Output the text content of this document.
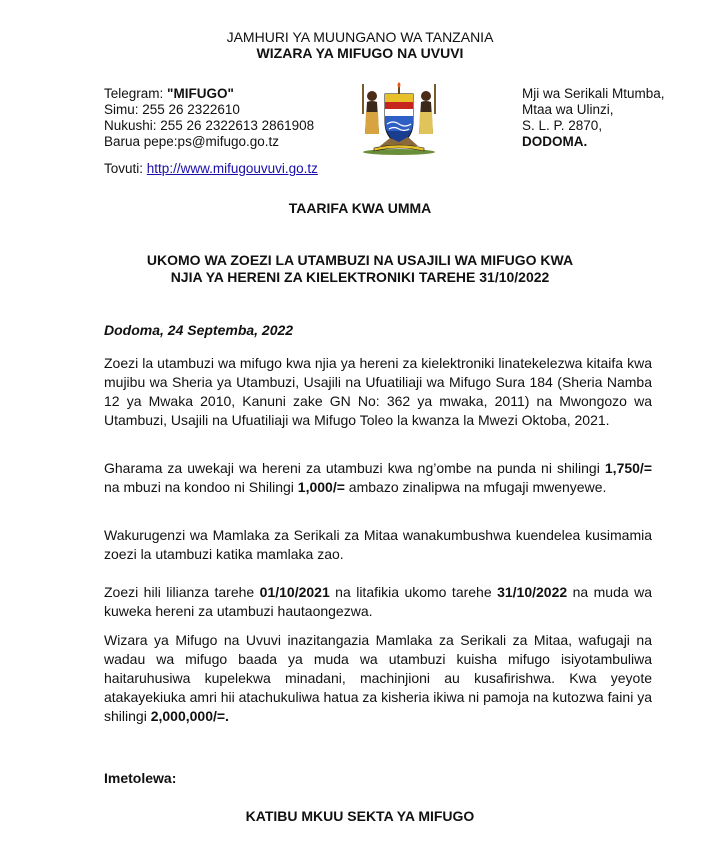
JAMHURI YA MUUNGANO WA TANZANIA
WIZARA YA MIFUGO NA UVUVI
Telegram: "MIFUGO"
Simu: 255 26 2322610
Nukushi: 255 26 2322613 2861908
Barua pepe:ps@mifugo.go.tz
Tovuti: http://www.mifugouvuvi.go.tz
Mji wa Serikali Mtumba,
Mtaa wa Ulinzi,
S. L. P. 2870,
DODOMA.
TAARIFA KWA UMMA
UKOMO WA ZOEZI LA UTAMBUZI NA USAJILI WA MIFUGO KWA
NJIA YA HERENI ZA KIELEKTRONIKI TAREHE 31/10/2022
Dodoma, 24 Septemba, 2022

Zoezi la utambuzi wa mifugo kwa njia ya hereni za kielektroniki linatekelezwa kitaifa kwa mujibu wa Sheria ya Utambuzi, Usajili na Ufuatiliaji wa Mifugo Sura 184 (Sheria Namba 12 ya Mwaka 2010, Kanuni zake GN No: 362 ya mwaka, 2011) na Mwongozo wa Utambuzi, Usajili na Ufuatiliaji wa Mifugo Toleo la kwanza la Mwezi Oktoba, 2021.

Gharama za uwekaji wa hereni za utambuzi kwa ng’ombe na punda ni shilingi 1,750/= na mbuzi na kondoo ni Shilingi 1,000/= ambazo zinalipwa na mfugaji mwenyewe.

Wakurugenzi wa Mamlaka za Serikali za Mitaa wanakumbushwa kuendelea kusimamia zoezi la utambuzi katika mamlaka zao.

Zoezi hili lilianza tarehe 01/10/2021 na litafikia ukomo tarehe 31/10/2022 na muda wa kuweka hereni za utambuzi hautaongezwa.

Wizara ya Mifugo na Uvuvi inazitangazia Mamlaka za Serikali za Mitaa, wafugaji na wadau wa mifugo baada ya muda wa utambuzi kuisha mifugo isiyotambuliwa haitaruhusiwa kupelekwa minadani, machinjioni au kusafirishwa. Kwa yeyote atakayekiuka amri hii atachukuliwa hatua za kisheria ikiwa ni pamoja na kutozwa faini ya shilingi 2,000,000/=.

Imetolewa:
KATIBU MKUU SEKTA YA MIFUGO
